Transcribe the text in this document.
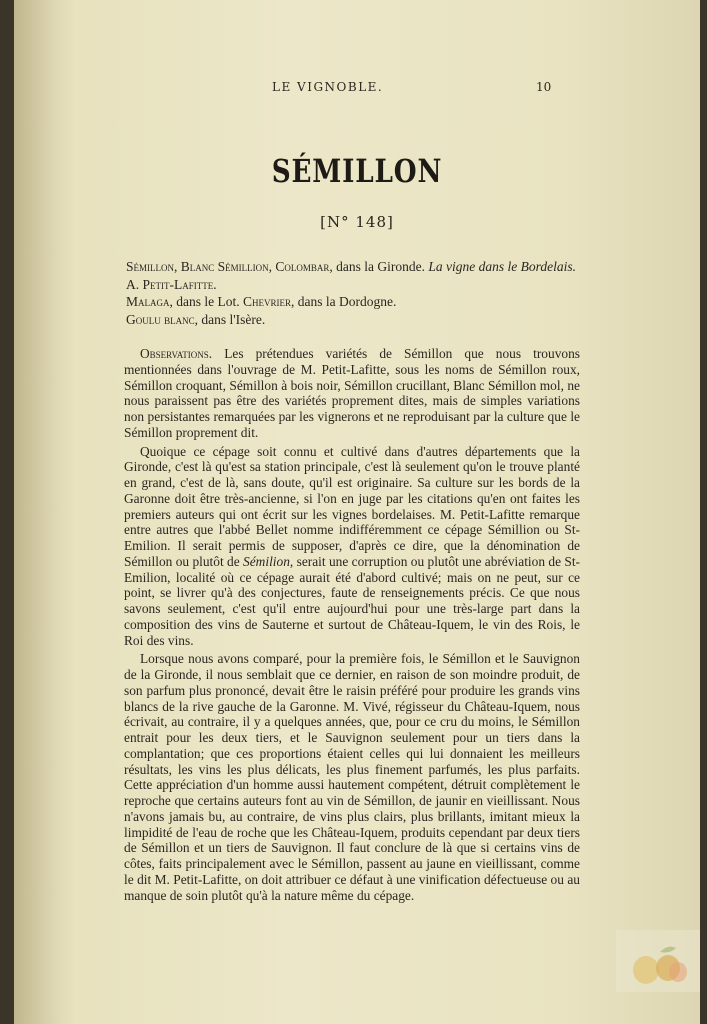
LE VIGNOBLE.	10
SÉMILLON
[N° 148]

Sémillon, Blanc Sémillion, Colombar, dans la Gironde. La vigne dans le Bordelais. A. Petit-Lafitte.

Malaga, dans le Lot. Chevrier, dans la Dordogne.

Goulu blanc, dans l'Isère.

Observations. Les prétendues variétés de Sémillon que nous trouvons mentionnées dans l'ouvrage de M. Petit-Lafitte, sous les noms de Sémillon roux, Sémillon croquant, Sémillon à bois noir, Sémillon crucillant, Blanc Sémillon mol, ne nous paraissent pas être des variétés proprement dites, mais de simples variations non persistantes remarquées par les vignerons et ne reproduisant par la culture que le Sémillon proprement dit.

Quoique ce cépage soit connu et cultivé dans d'autres départements que la Gironde, c'est là qu'est sa station principale, c'est là seulement qu'on le trouve planté en grand, c'est de là, sans doute, qu'il est originaire. Sa culture sur les bords de la Garonne doit être très-ancienne, si l'on en juge par les citations qu'en ont faites les premiers auteurs qui ont écrit sur les vignes bordelaises. M. Petit-Lafitte remarque entre autres que l'abbé Bellet nomme indifféremment ce cépage Sémillion ou St-Emilion. Il serait permis de supposer, d'après ce dire, que la dénomination de Sémillon ou plutôt de Sémilion, serait une corruption ou plutôt une abréviation de St-Emilion, localité où ce cépage aurait été d'abord cultivé; mais on ne peut, sur ce point, se livrer qu'à des conjectures, faute de renseignements précis. Ce que nous savons seulement, c'est qu'il entre aujourd'hui pour une très-large part dans la composition des vins de Sauterne et surtout de Château-Iquem, le vin des Rois, le Roi des vins.

Lorsque nous avons comparé, pour la première fois, le Sémillon et le Sauvignon de la Gironde, il nous semblait que ce dernier, en raison de son moindre produit, de son parfum plus prononcé, devait être le raisin préféré pour produire les grands vins blancs de la rive gauche de la Garonne. M. Vivé, régisseur du Château-Iquem, nous écrivait, au contraire, il y a quelques années, que, pour ce cru du moins, le Sémillon entrait pour les deux tiers, et le Sauvignon seulement pour un tiers dans la complantation; que ces proportions étaient celles qui lui donnaient les meilleurs résultats, les vins les plus délicats, les plus finement parfumés, les plus parfaits. Cette appréciation d'un homme aussi hautement compétent, détruit complètement le reproche que certains auteurs font au vin de Sémillon, de jaunir en vieillissant. Nous n'avons jamais bu, au contraire, de vins plus clairs, plus brillants, imitant mieux la limpidité de l'eau de roche que les Château-Iquem, produits cependant par deux tiers de Sémillon et un tiers de Sauvignon. Il faut conclure de là que si certains vins de côtes, faits principalement avec le Sémillon, passent au jaune en vieillissant, comme le dit M. Petit-Lafitte, on doit attribuer ce défaut à une vinification défectueuse ou au manque de soin plutôt qu'à la nature même du cépage.
